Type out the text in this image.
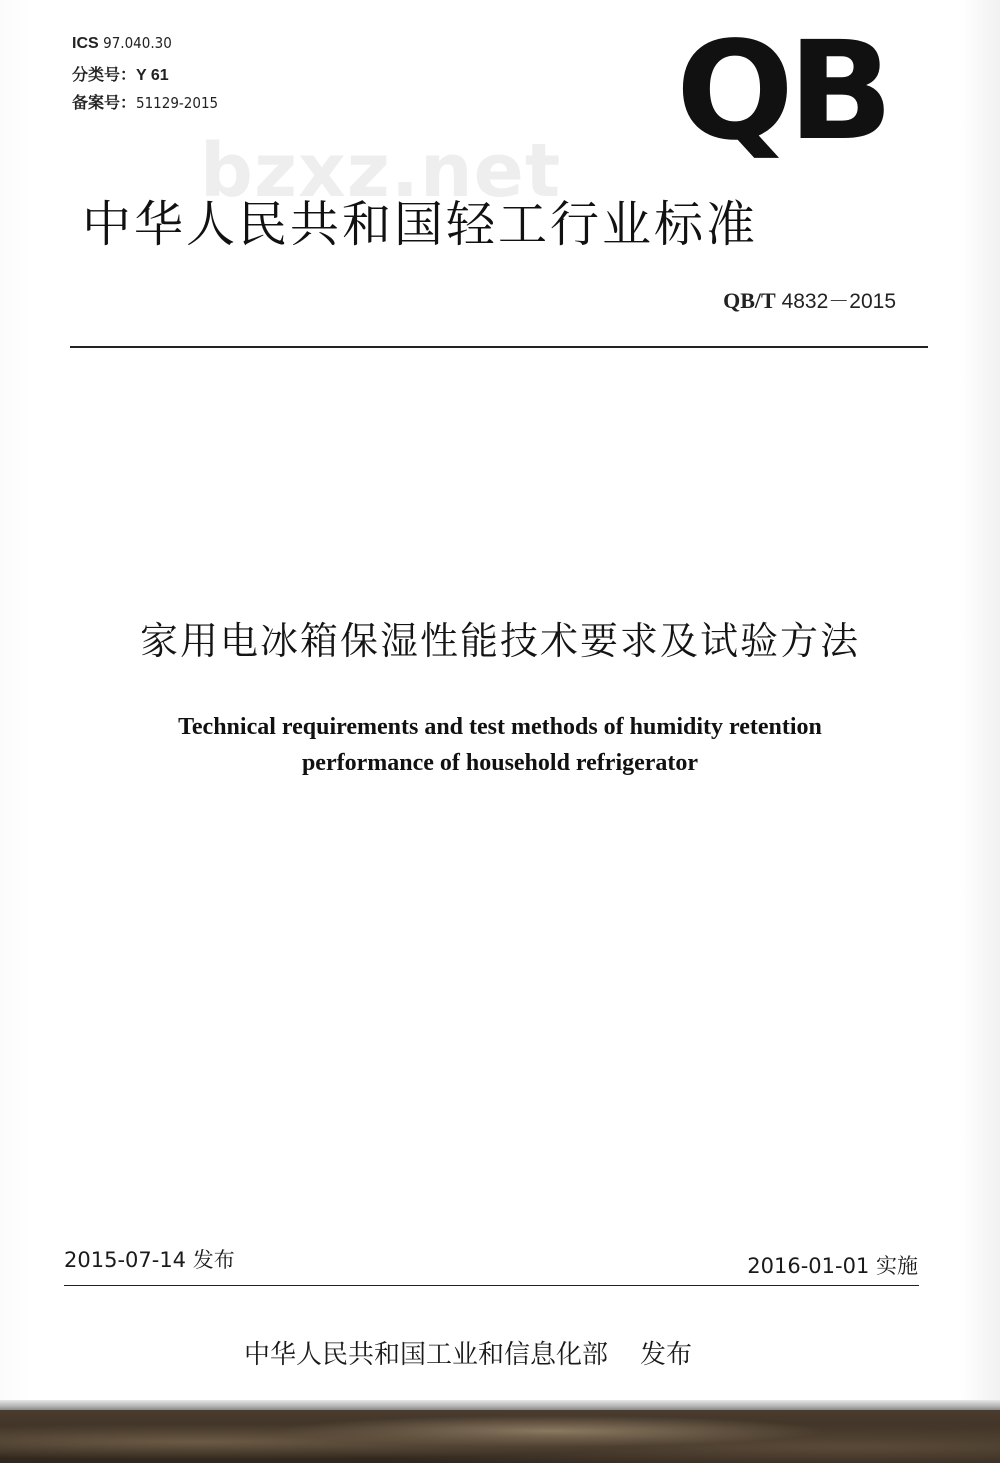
ICS 97.040.30
分类号：Y 61
备案号：51129-2015	QB
bzxz.net
中华人民共和国轻工行业标准
QB/T 4832－2015
家用电冰箱保湿性能技术要求及试验方法
Technical requirements and test methods of humidity retention
performance of household refrigerator
2015-07-14 发布	2016-01-01 实施
中华人民共和国工业和信息化部 发布
